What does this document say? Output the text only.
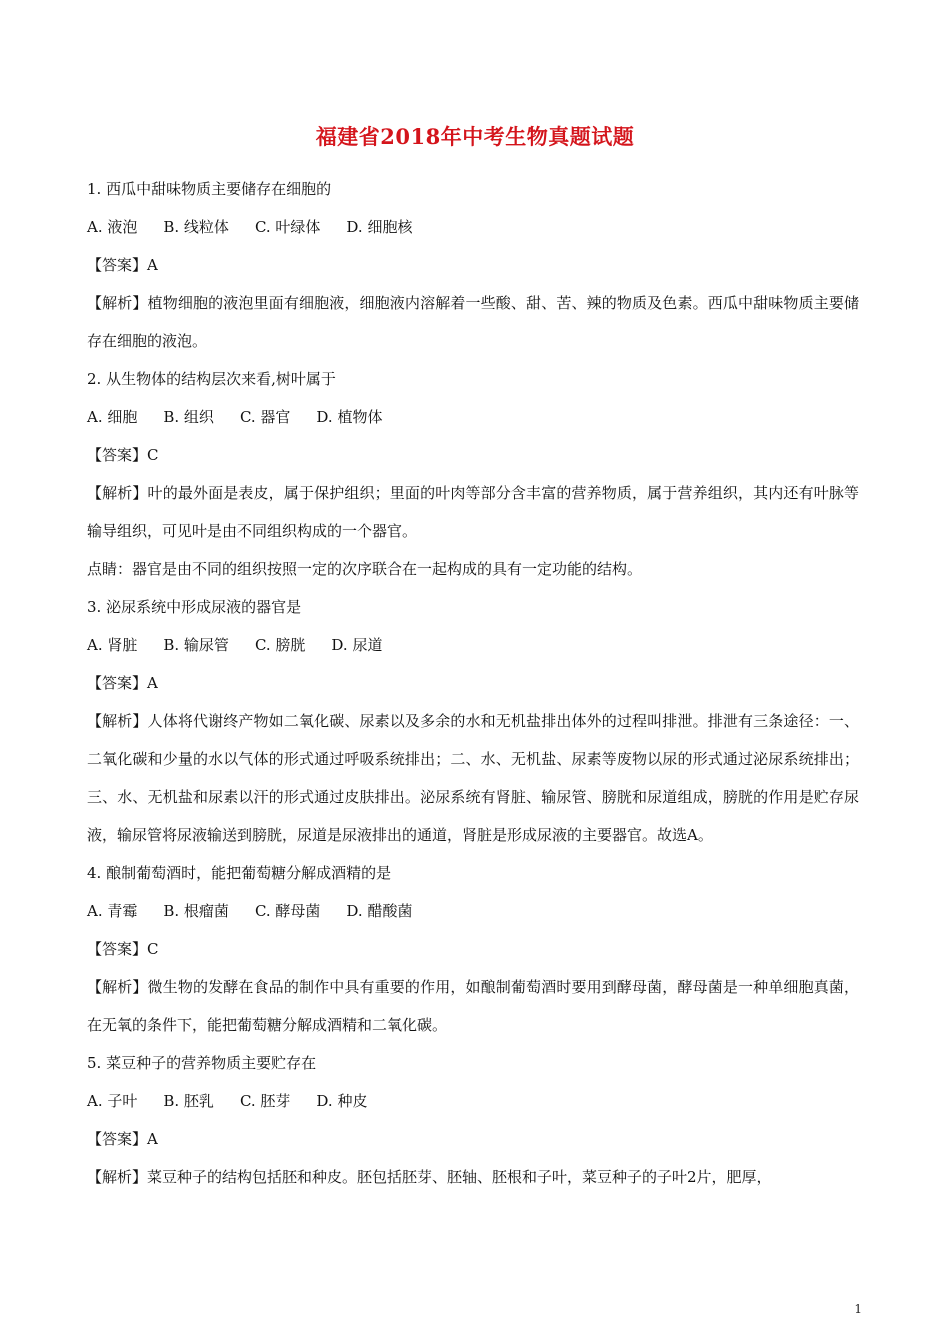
福建省2018年中考生物真题试题

1. 西瓜中甜味物质主要储存在细胞的

A. 液泡 B. 线粒体 C. 叶绿体 D. 细胞核

【答案】A

【解析】植物细胞的液泡里面有细胞液，细胞液内溶解着一些酸、甜、苦、辣的物质及色素。西瓜中甜味物质主要储存在细胞的液泡。

2. 从生物体的结构层次来看,树叶属于

A. 细胞 B. 组织 C. 器官 D. 植物体

【答案】C

【解析】叶的最外面是表皮，属于保护组织；里面的叶肉等部分含丰富的营养物质，属于营养组织，其内还有叶脉等输导组织，可见叶是由不同组织构成的一个器官。

点睛：器官是由不同的组织按照一定的次序联合在一起构成的具有一定功能的结构。

3. 泌尿系统中形成尿液的器官是

A. 肾脏 B. 输尿管 C. 膀胱 D. 尿道

【答案】A

【解析】人体将代谢终产物如二氧化碳、尿素以及多余的水和无机盐排出体外的过程叫排泄。排泄有三条途径：一、二氧化碳和少量的水以气体的形式通过呼吸系统排出；二、水、无机盐、尿素等废物以尿的形式通过泌尿系统排出；三、水、无机盐和尿素以汗的形式通过皮肤排出。泌尿系统有肾脏、输尿管、膀胱和尿道组成，膀胱的作用是贮存尿液，输尿管将尿液输送到膀胱，尿道是尿液排出的通道，肾脏是形成尿液的主要器官。故选A。

4. 酿制葡萄酒时，能把葡萄糖分解成酒精的是

A. 青霉 B. 根瘤菌 C. 酵母菌 D. 醋酸菌

【答案】C

【解析】微生物的发酵在食品的制作中具有重要的作用，如酿制葡萄酒时要用到酵母菌，酵母菌是一种单细胞真菌，在无氧的条件下，能把葡萄糖分解成酒精和二氧化碳。

5. 菜豆种子的营养物质主要贮存在

A. 子叶 B. 胚乳 C. 胚芽 D. 种皮

【答案】A

【解析】菜豆种子的结构包括胚和种皮。胚包括胚芽、胚轴、胚根和子叶，菜豆种子的子叶2片，肥厚，

1
